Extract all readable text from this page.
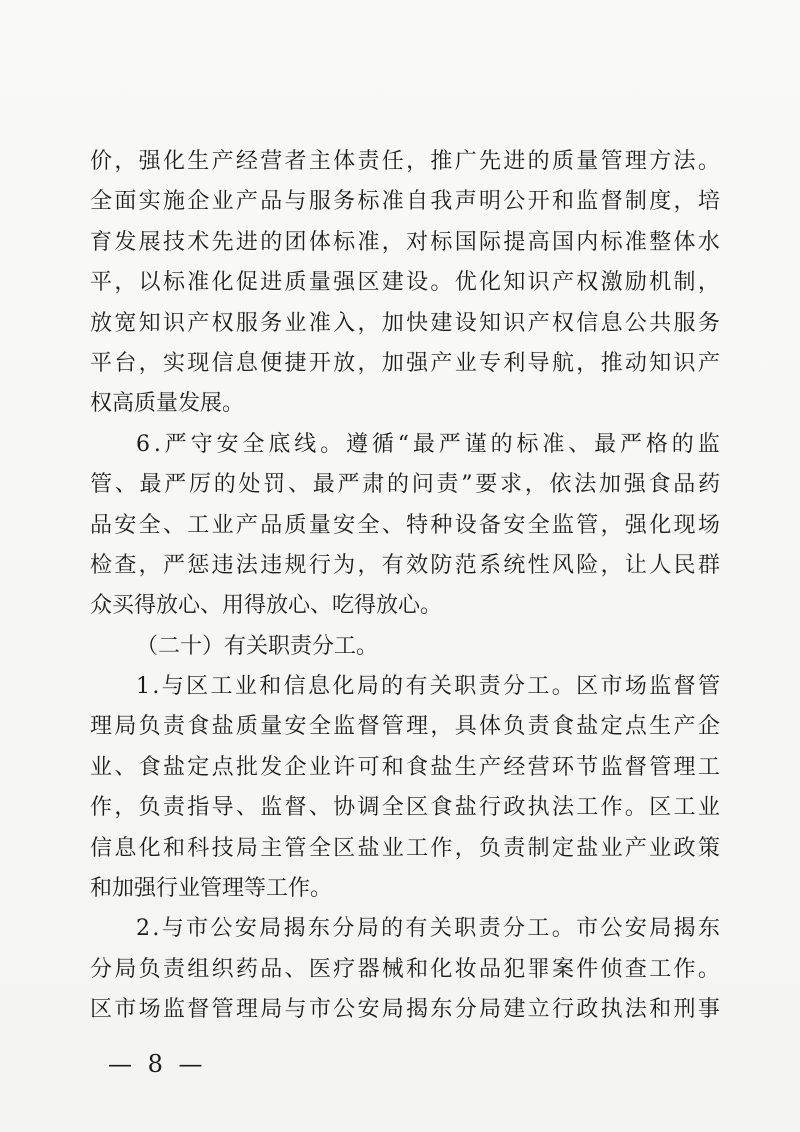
价 ， 强 化 生 产 经 营 者 主 体 责 任 ， 推 广 先 进 的 质 量 管 理 方 法 。
全 面 实 施 企 业 产 品 与 服 务 标 准 自 我 声 明 公 开 和 监 督 制 度 ， 培
育 发 展 技 术 先 进 的 团 体 标 准 ， 对 标 国 际 提 高 国 内 标 准 整 体 水
平 ， 以 标 准 化 促 进 质 量 强 区 建 设 。 优 化 知 识 产 权 激 励 机 制 ，
放 宽 知 识 产 权 服 务 业 准 入 ， 加 快 建 设 知 识 产 权 信 息 公 共 服 务
平 台 ， 实 现 信 息 便 捷 开 放 ， 加 强 产 业 专 利 导 航 ， 推 动 知 识 产
权高质量发展。
6 . 严 守 安 全 底 线 。 遵 循 “ 最 严 谨 的 标 准 、 最 严 格 的 监
管 、 最 严 厉 的 处 罚 、 最 严 肃 的 问 责 ” 要 求 ， 依 法 加 强 食 品 药
品 安 全 、 工 业 产 品 质 量 安 全 、 特 种 设 备 安 全 监 管 ， 强 化 现 场
检 查 ， 严 惩 违 法 违 规 行 为 ， 有 效 防 范 系 统 性 风 险 ， 让 人 民 群
众买得放心、用得放心、吃得放心。
（二十）有关职责分工。
1 . 与 区 工 业 和 信 息 化 局 的 有 关 职 责 分 工 。 区 市 场 监 督 管
理 局 负 责 食 盐 质 量 安 全 监 督 管 理 ， 具 体 负 责 食 盐 定 点 生 产 企
业 、 食 盐 定 点 批 发 企 业 许 可 和 食 盐 生 产 经 营 环 节 监 督 管 理 工
作 ， 负 责 指 导 、 监 督 、 协 调 全 区 食 盐 行 政 执 法 工 作 。 区 工 业
信 息 化 和 科 技 局 主 管 全 区 盐 业 工 作 ， 负 责 制 定 盐 业 产 业 政 策
和加强行业管理等工作。
2 . 与 市 公 安 局 揭 东 分 局 的 有 关 职 责 分 工 。 市 公 安 局 揭 东
分 局 负 责 组 织 药 品 、 医 疗 器 械 和 化 妆 品 犯 罪 案 件 侦 查 工 作 。
区 市 场 监 督 管 理 局 与 市 公 安 局 揭 东 分 局 建 立 行 政 执 法 和 刑 事
— 8 —
